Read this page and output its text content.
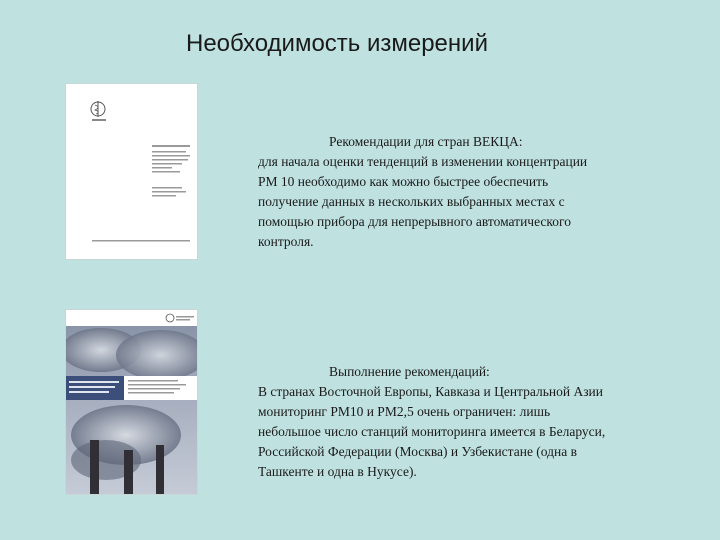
Необходимость измерений
Рекомендации для стран ВЕКЦА:
для начала оценки тенденций в изменении концентрации
РМ 10 необходимо как можно быстрее обеспечить
получение данных в нескольких выбранных местах с
помощью прибора для непрерывного автоматического
контроля.
Выполнение рекомендаций:
В странах Восточной Европы, Кавказа и Центральной Азии
мониторинг РМ10 и РМ2,5 очень ограничен: лишь
небольшое число станций мониторинга имеется в Беларуси,
Российской Федерации (Москва) и Узбекистане (одна в
Ташкенте и одна в Нукусе).
